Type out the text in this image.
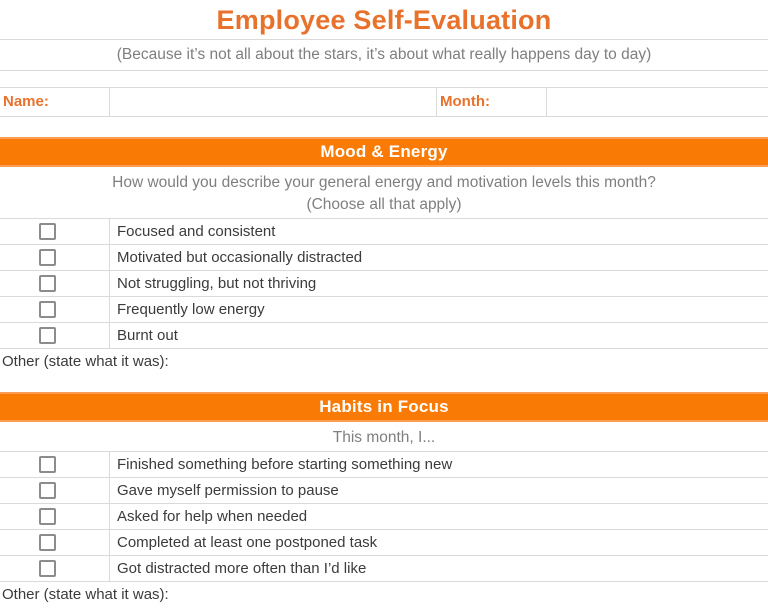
Employee Self-Evaluation
(Because it’s not all about the stars, it’s about what really happens day to day)
Name:	Month:
Mood & Energy
How would you describe your general energy and motivation levels this month?
(Choose all that apply)
Focused and consistent
Motivated but occasionally distracted
Not struggling, but not thriving
Frequently low energy
Burnt out
Other (state what it was):
Habits in Focus
This month, I...
Finished something before starting something new
Gave myself permission to pause
Asked for help when needed
Completed at least one postponed task
Got distracted more often than I’d like
Other (state what it was):
